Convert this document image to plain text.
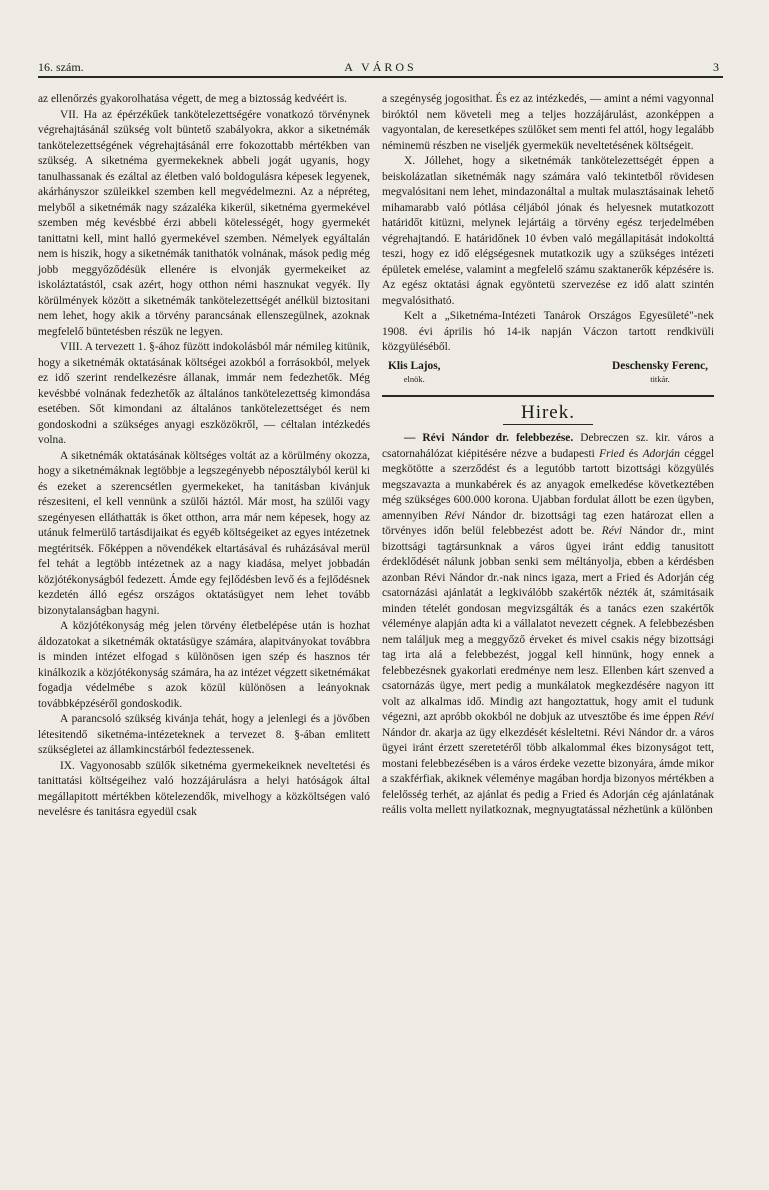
16. szám.	A VÁROS	3

az ellenőrzés gyakorolhatása végett, de meg a biztosság kedvéért is.

VII. Ha az épérzékűek tankötelezettségére vonatkozó törvénynek végrehajtásánál szükség volt büntető szabályokra, akkor a siketnémák tankötelezettségének végrehajtásánál erre fokozottabb mértékben van szükség. A siketnéma gyermekeknek abbeli jogát ugyanis, hogy tanulhassanak és ezáltal az életben való boldogulásra képesek legyenek, akárhányszor szüleikkel szemben kell megvédelmezni. Az a népréteg, melyből a siketnémák nagy százaléka kikerül, siketnéma gyermekével szemben még kevésbbé érzi abbeli kötelességét, hogy gyermekét tanittatni kell, mint halló gyermekével szemben. Némelyek egyáltalán nem is hiszik, hogy a siketnémák tanithatók volnának, mások pedig még jobb meggyőződésük ellenére is elvonják gyermekeiket az iskoláztatástól, csak azért, hogy otthon némi hasznukat vegyék. Ily körülmények között a siketnémák tankötelezettségét anélkül biztositani nem lehet, hogy akik a törvény parancsának ellenszegülnek, azoknak megfelelő büntetésben részük ne legyen.

VIII. A tervezett 1. §-ához füzött indokolásból már némileg kitünik, hogy a siketnémák oktatásának költségei azokból a forrásokból, melyek ez idő szerint rendelkezésre állanak, immár nem fedezhetők. Még kevésbbé volnának fedezhetők az általános tankötelezettség kimondása esetében. Sőt kimondani az általános tankötelezettséget és nem gondoskodni a szükséges anyagi eszközökről, — céltalan intézkedés volna.

A siketnémák oktatásának költséges voltát az a körülmény okozza, hogy a siketnémáknak legtöbbje a legszegényebb néposztályból kerül ki és ezeket a szerencsétlen gyermekeket, ha tanitásban kivánjuk részesiteni, el kell vennünk a szülői háztól. Már most, ha szülői vagy szegényesen elláthatták is őket otthon, arra már nem képesek, hogy az utánuk felmerülő tartásdijaikat és egyéb költségeiket az egyes intézetnek megtéritsék. Főképpen a növendékek eltartásával és ruházásával merül fel tehát a legtöbb intézetnek az a nagy kiadása, melyet jobbadán közjótékonyságból fedezett. Ámde egy fejlődésben levő és a fejlődésnek kezdetén álló egész országos oktatásügyet nem lehet tovább bizonytalanságban hagyni.

A közjótékonyság még jelen törvény életbelépése után is hozhat áldozatokat a siketnémák oktatásügye számára, alapitványokat továbbra is minden intézet elfogad s különösen igen szép és hasznos tér kinálkozik a közjótékonyság számára, ha az intézet végzett siketnémákat fogadja védelmébe s azok közül különösen a leányoknak továbbképzéséről gondoskodik.

A parancsoló szükség kivánja tehát, hogy a jelenlegi és a jövőben létesitendő siketnéma-intézeteknek a tervezet 8. §-ában emlitett szükségletei az államkincstárból fedeztessenek.

IX. Vagyonosabb szülők siketnéma gyermekeiknek neveltetési és tanittatási költségeihez való hozzájárulásra a helyi hatóságok által megállapitott mértékben kötelezendők, mivelhogy a közköltségen való nevelésre és tanitásra egyedül csak

a szegénység jogosithat. És ez az intézkedés, — amint a némi vagyonnal biróktól nem követeli meg a teljes hozzájárulást, azonképpen a vagyontalan, de keresetképes szülőket sem menti fel attól, hogy legalább néminemü részben ne viseljék gyermekük neveltetésének költségeit.

X. Jóllehet, hogy a siketnémák tankötelezettségét éppen a beiskolázatlan siketnémák nagy számára való tekintetből rövidesen megvalósitani nem lehet, mindazonáltal a multak mulasztásainak lehető mihamarabb való pótlása céljából jónak és helyesnek mutatkozott határidőt kitüzni, melynek lejártáig a törvény egész terjedelmében végrehajtandó. E határidőnek 10 évben való megállapitását indokolttá teszi, hogy ez idő elégségesnek mutatkozik ugy a szükséges intézeti épületek emelése, valamint a megfelelő számu szaktanerők képzésére is. Az egész oktatási ágnak egyöntetü szervezése ez idő alatt szintén megvalósitható.

Kelt a „Siketnéma-Intézeti Tanárok Országos Egyesületé"-nek 1908. évi április hó 14-ik napján Váczon tartott rendkivüli közgyüléséből.

Klis Lajos,
elnök.
Deschensky Ferenc,
titkár.
Hirek.

— Révi Nándor dr. felebbezése. Debreczen sz. kir. város a csatornahálózat kiépitésére nézve a budapesti Fried és Adorján céggel megkötötte a szerződést és a legutóbb tartott bizottsági közgyülés megszavazta a munkabérek és az anyagok emelkedése következtében még szükséges 600.000 korona. Ujabban fordulat állott be ezen ügyben, amennyiben Révi Nándor dr. bizottsági tag ezen határozat ellen a törvényes időn belül felebbezést adott be. Révi Nándor dr., mint bizottsági tagtársunknak a város ügyei iránt eddig tanusitott érdeklődését nálunk jobban senki sem méltányolja, ebben a kérdésben azonban Révi Nándor dr.-nak nincs igaza, mert a Fried és Adorján cég csatornázási ajánlatát a legkiválóbb szakértők nézték át, számitásaik minden tételét gondosan megvizsgálták és a tanács ezen szakértők véleménye alapján adta ki a vállalatot nevezett cégnek. A felebbezésben nem találjuk meg a meggyőző érveket és mivel csakis négy bizottsági tag irta alá a felebbezést, joggal kell hinnünk, hogy ennek a felebbezésnek gyakorlati eredménye nem lesz. Ellenben kárt szenved a csatornázás ügye, mert pedig a munkálatok megkezdésére nagyon itt volt az alkalmas idő. Mindig azt hangoztattuk, hogy amit el tudunk végezni, azt apróbb okokból ne dobjuk az utvesztőbe és ime éppen Révi Nándor dr. akarja az ügy elkezdését késleltetni. Révi Nándor dr. a város ügyei iránt érzett szeretetéről több alkalommal ékes bizonyságot tett, mostani felebbezésében is a város érdeke vezette bizonyára, ámde mikor a szakférfiak, akiknek véleménye magában hordja bizonyos mértékben a felelősség terhét, az ajánlat és pedig a Fried és Adorján cég ajánlatának reális volta mellett nyilatkoznak, megnyugtatással nézhetünk a különben
